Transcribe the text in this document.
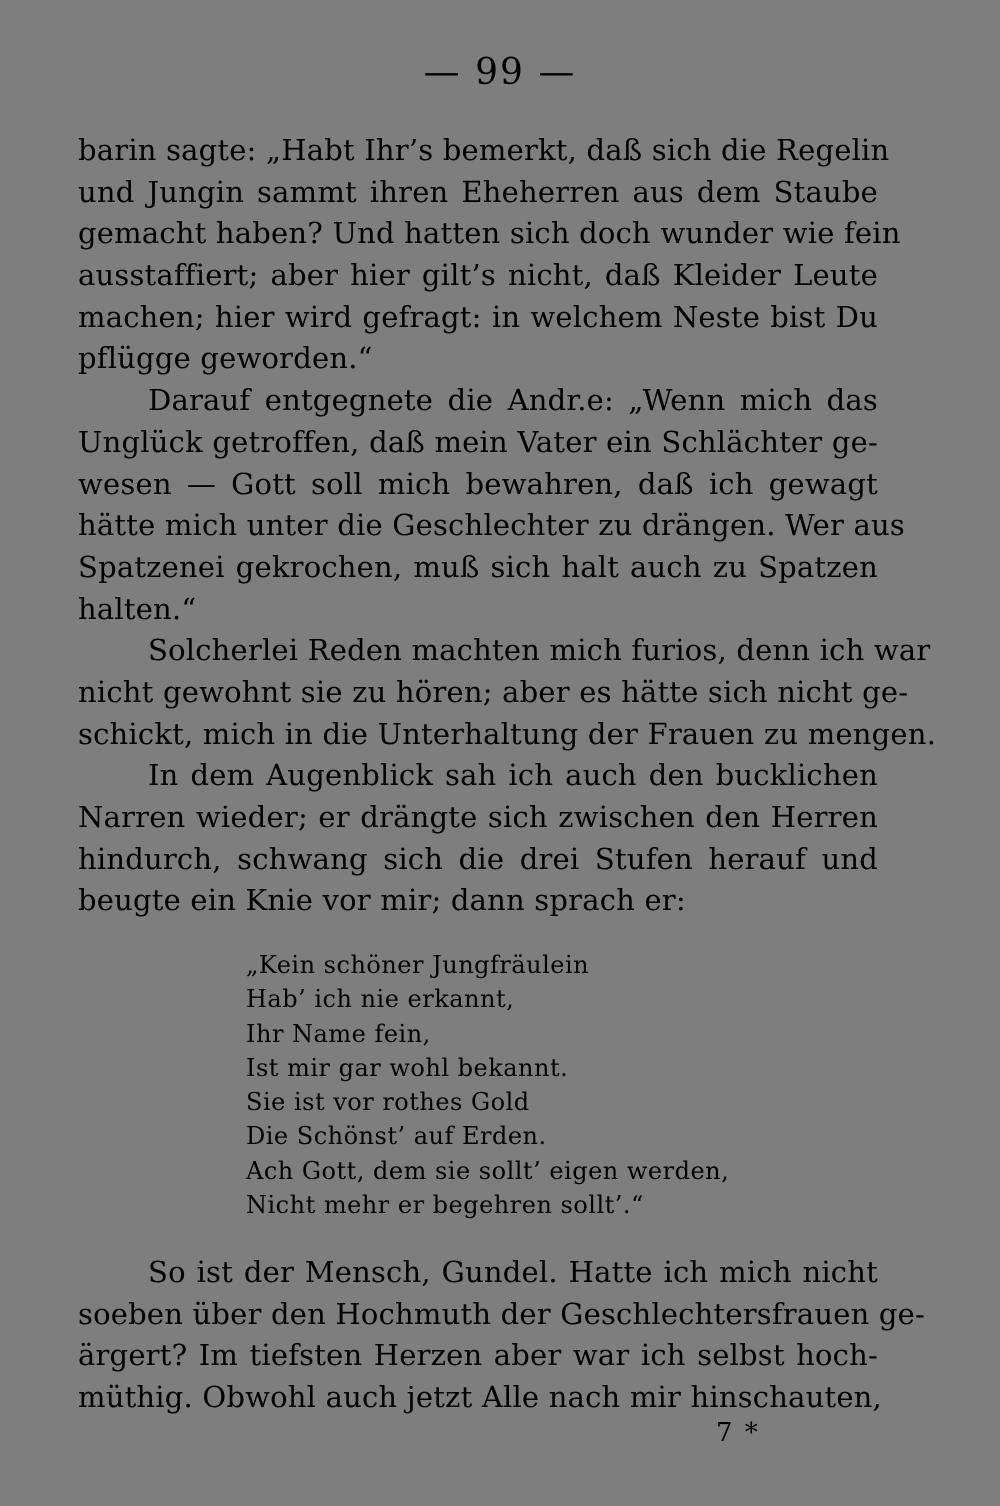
— 99 —
barin sagte: „Habt Ihr’s bemerkt, daß sich die Regelin
und Jungin sammt ihren Eheherren aus dem Staube
gemacht haben? Und hatten sich doch wunder wie fein
ausstaffiert; aber hier gilt’s nicht, daß Kleider Leute
machen; hier wird gefragt: in welchem Neste bist Du
pflügge geworden.“
Darauf entgegnete die Andr.e: „Wenn mich das
Unglück getroffen, daß mein Vater ein Schlächter ge-
wesen — Gott soll mich bewahren, daß ich gewagt
hätte mich unter die Geschlechter zu drängen. Wer aus
Spatzenei gekrochen, muß sich halt auch zu Spatzen
halten.“
Solcherlei Reden machten mich furios, denn ich war
nicht gewohnt sie zu hören; aber es hätte sich nicht ge-
schickt, mich in die Unterhaltung der Frauen zu mengen.
In dem Augenblick sah ich auch den bucklichen
Narren wieder; er drängte sich zwischen den Herren
hindurch, schwang sich die drei Stufen herauf und
beugte ein Knie vor mir; dann sprach er:
„Kein schöner Jungfräulein
Hab’ ich nie erkannt,
Ihr Name fein,
Ist mir gar wohl bekannt.
Sie ist vor rothes Gold
Die Schönst’ auf Erden.
Ach Gott, dem sie sollt’ eigen werden,
Nicht mehr er begehren sollt’.“
So ist der Mensch, Gundel. Hatte ich mich nicht
soeben über den Hochmuth der Geschlechtersfrauen ge-
ärgert? Im tiefsten Herzen aber war ich selbst hoch-
müthig. Obwohl auch jetzt Alle nach mir hinschauten,
7 *
